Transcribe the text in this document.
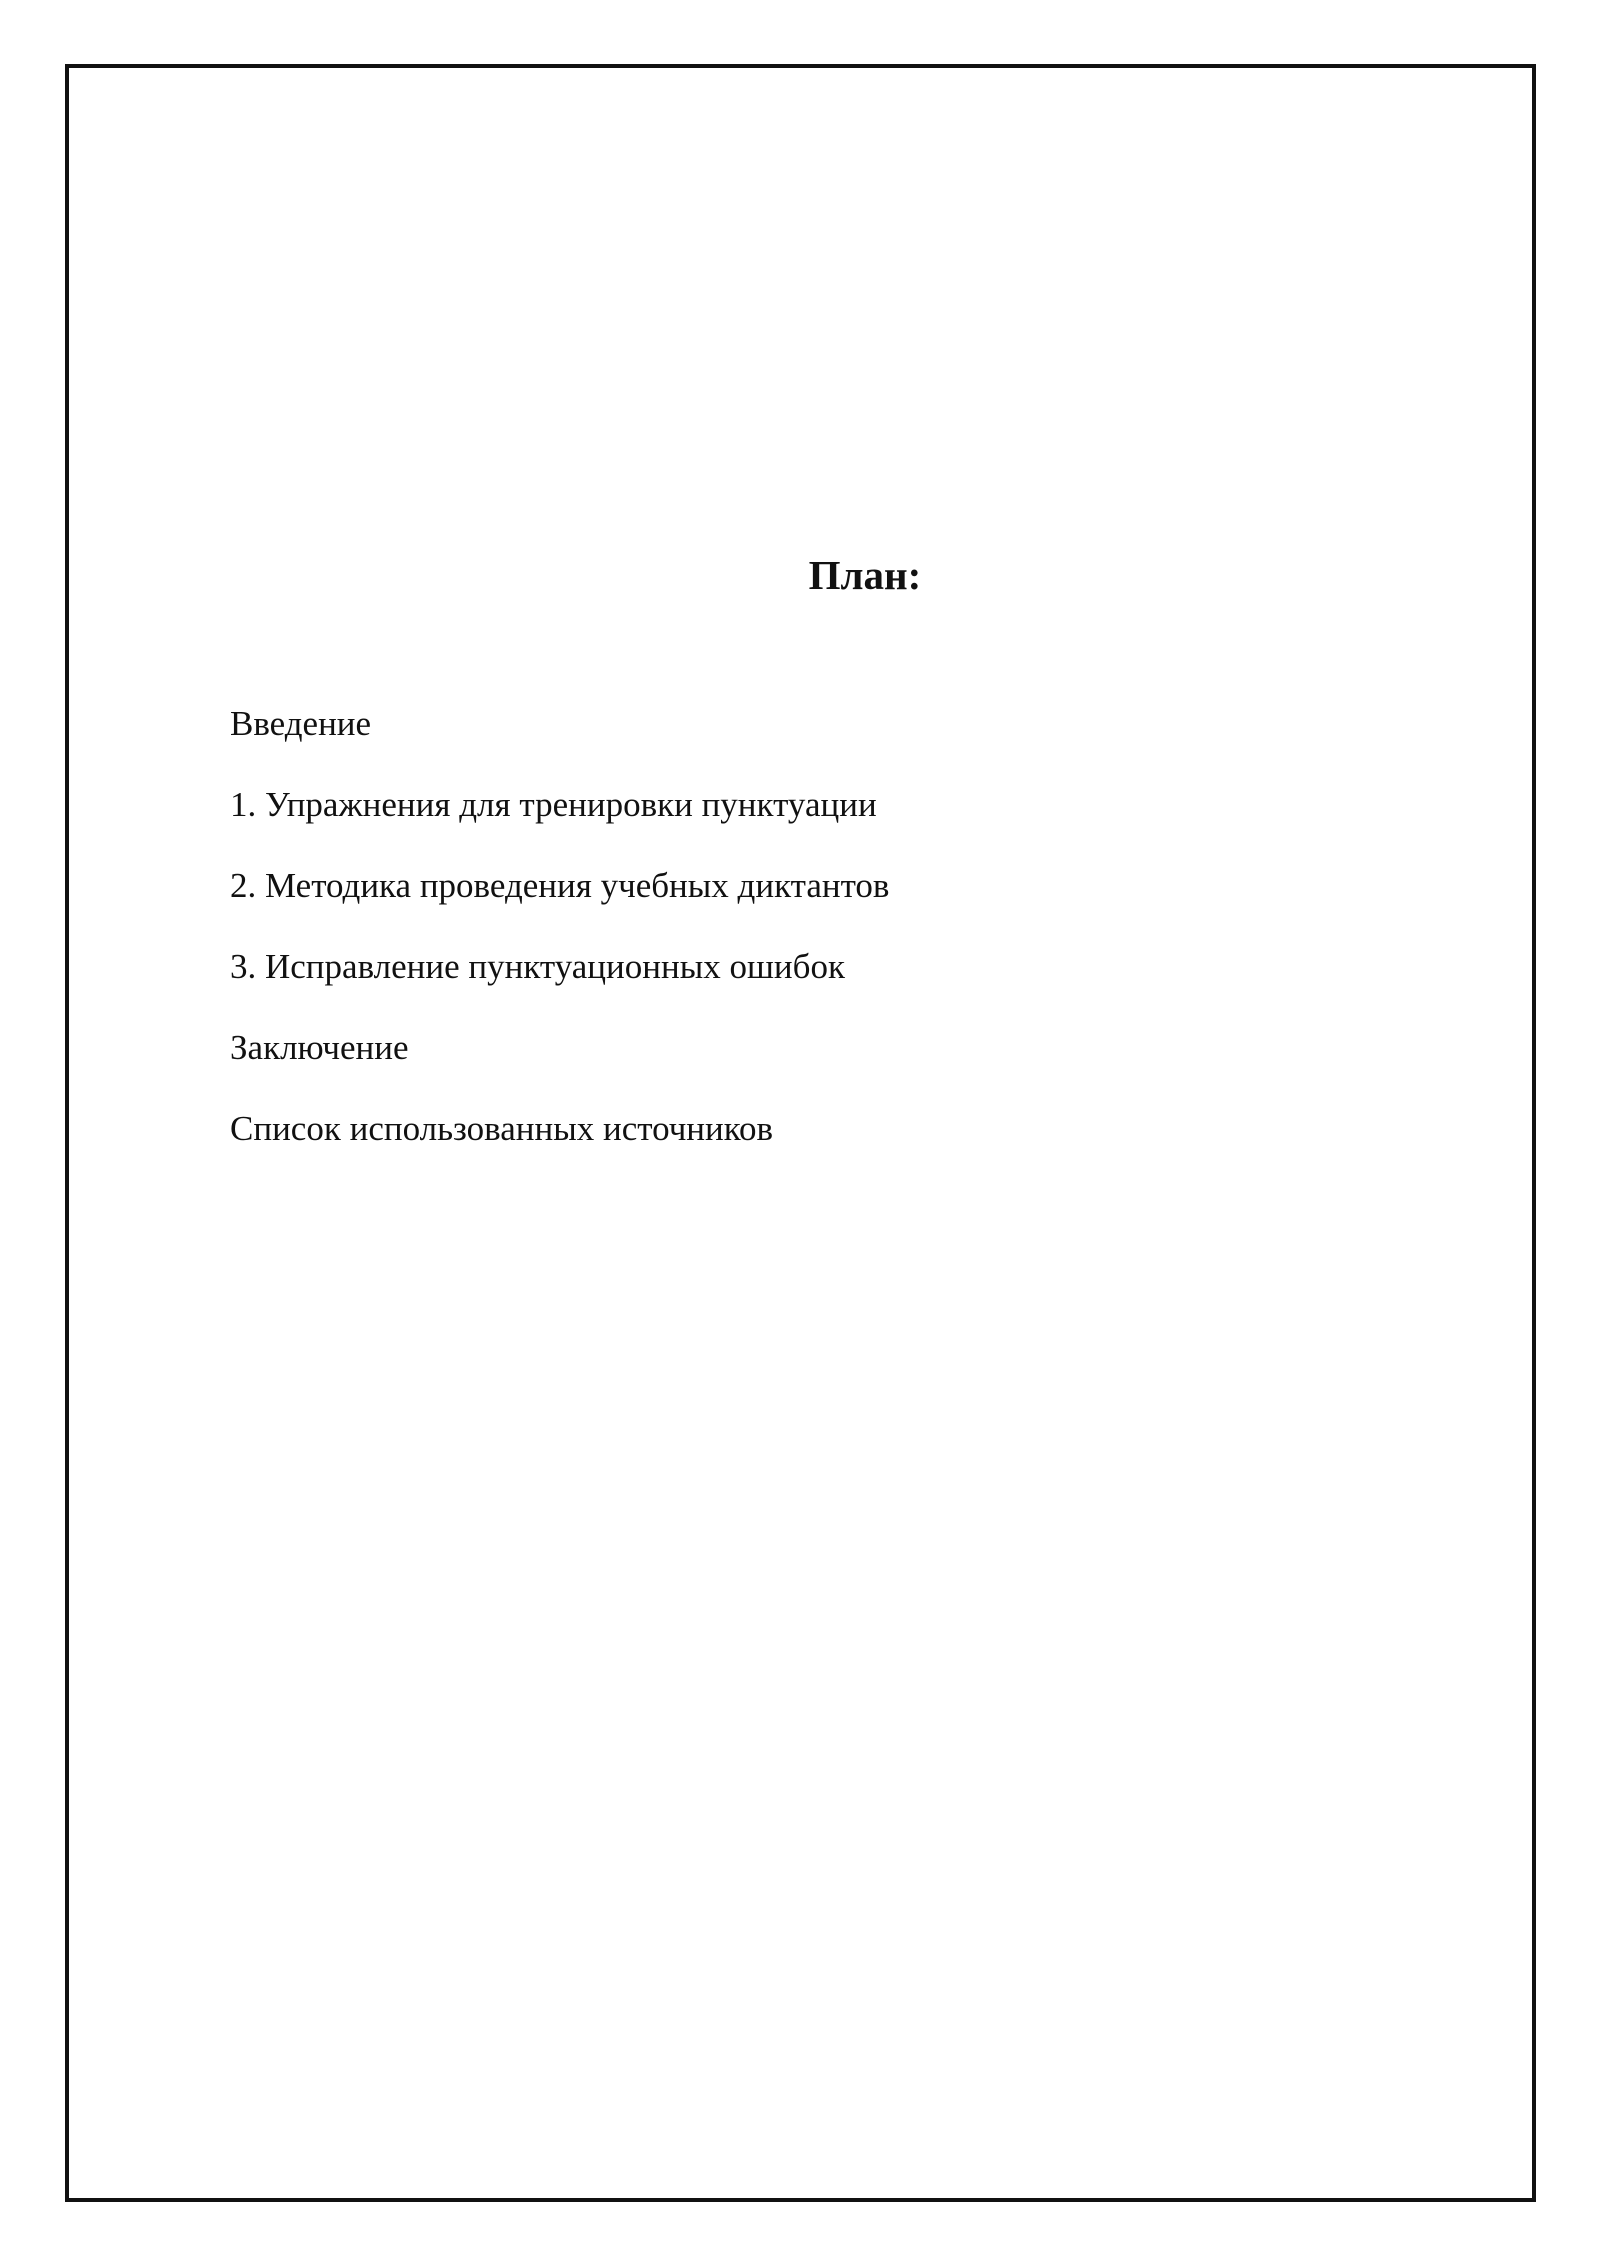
План:
Введение
1. Упражнения для тренировки пунктуации
2. Методика проведения учебных диктантов
3. Исправление пунктуационных ошибок
Заключение
Список использованных источников
